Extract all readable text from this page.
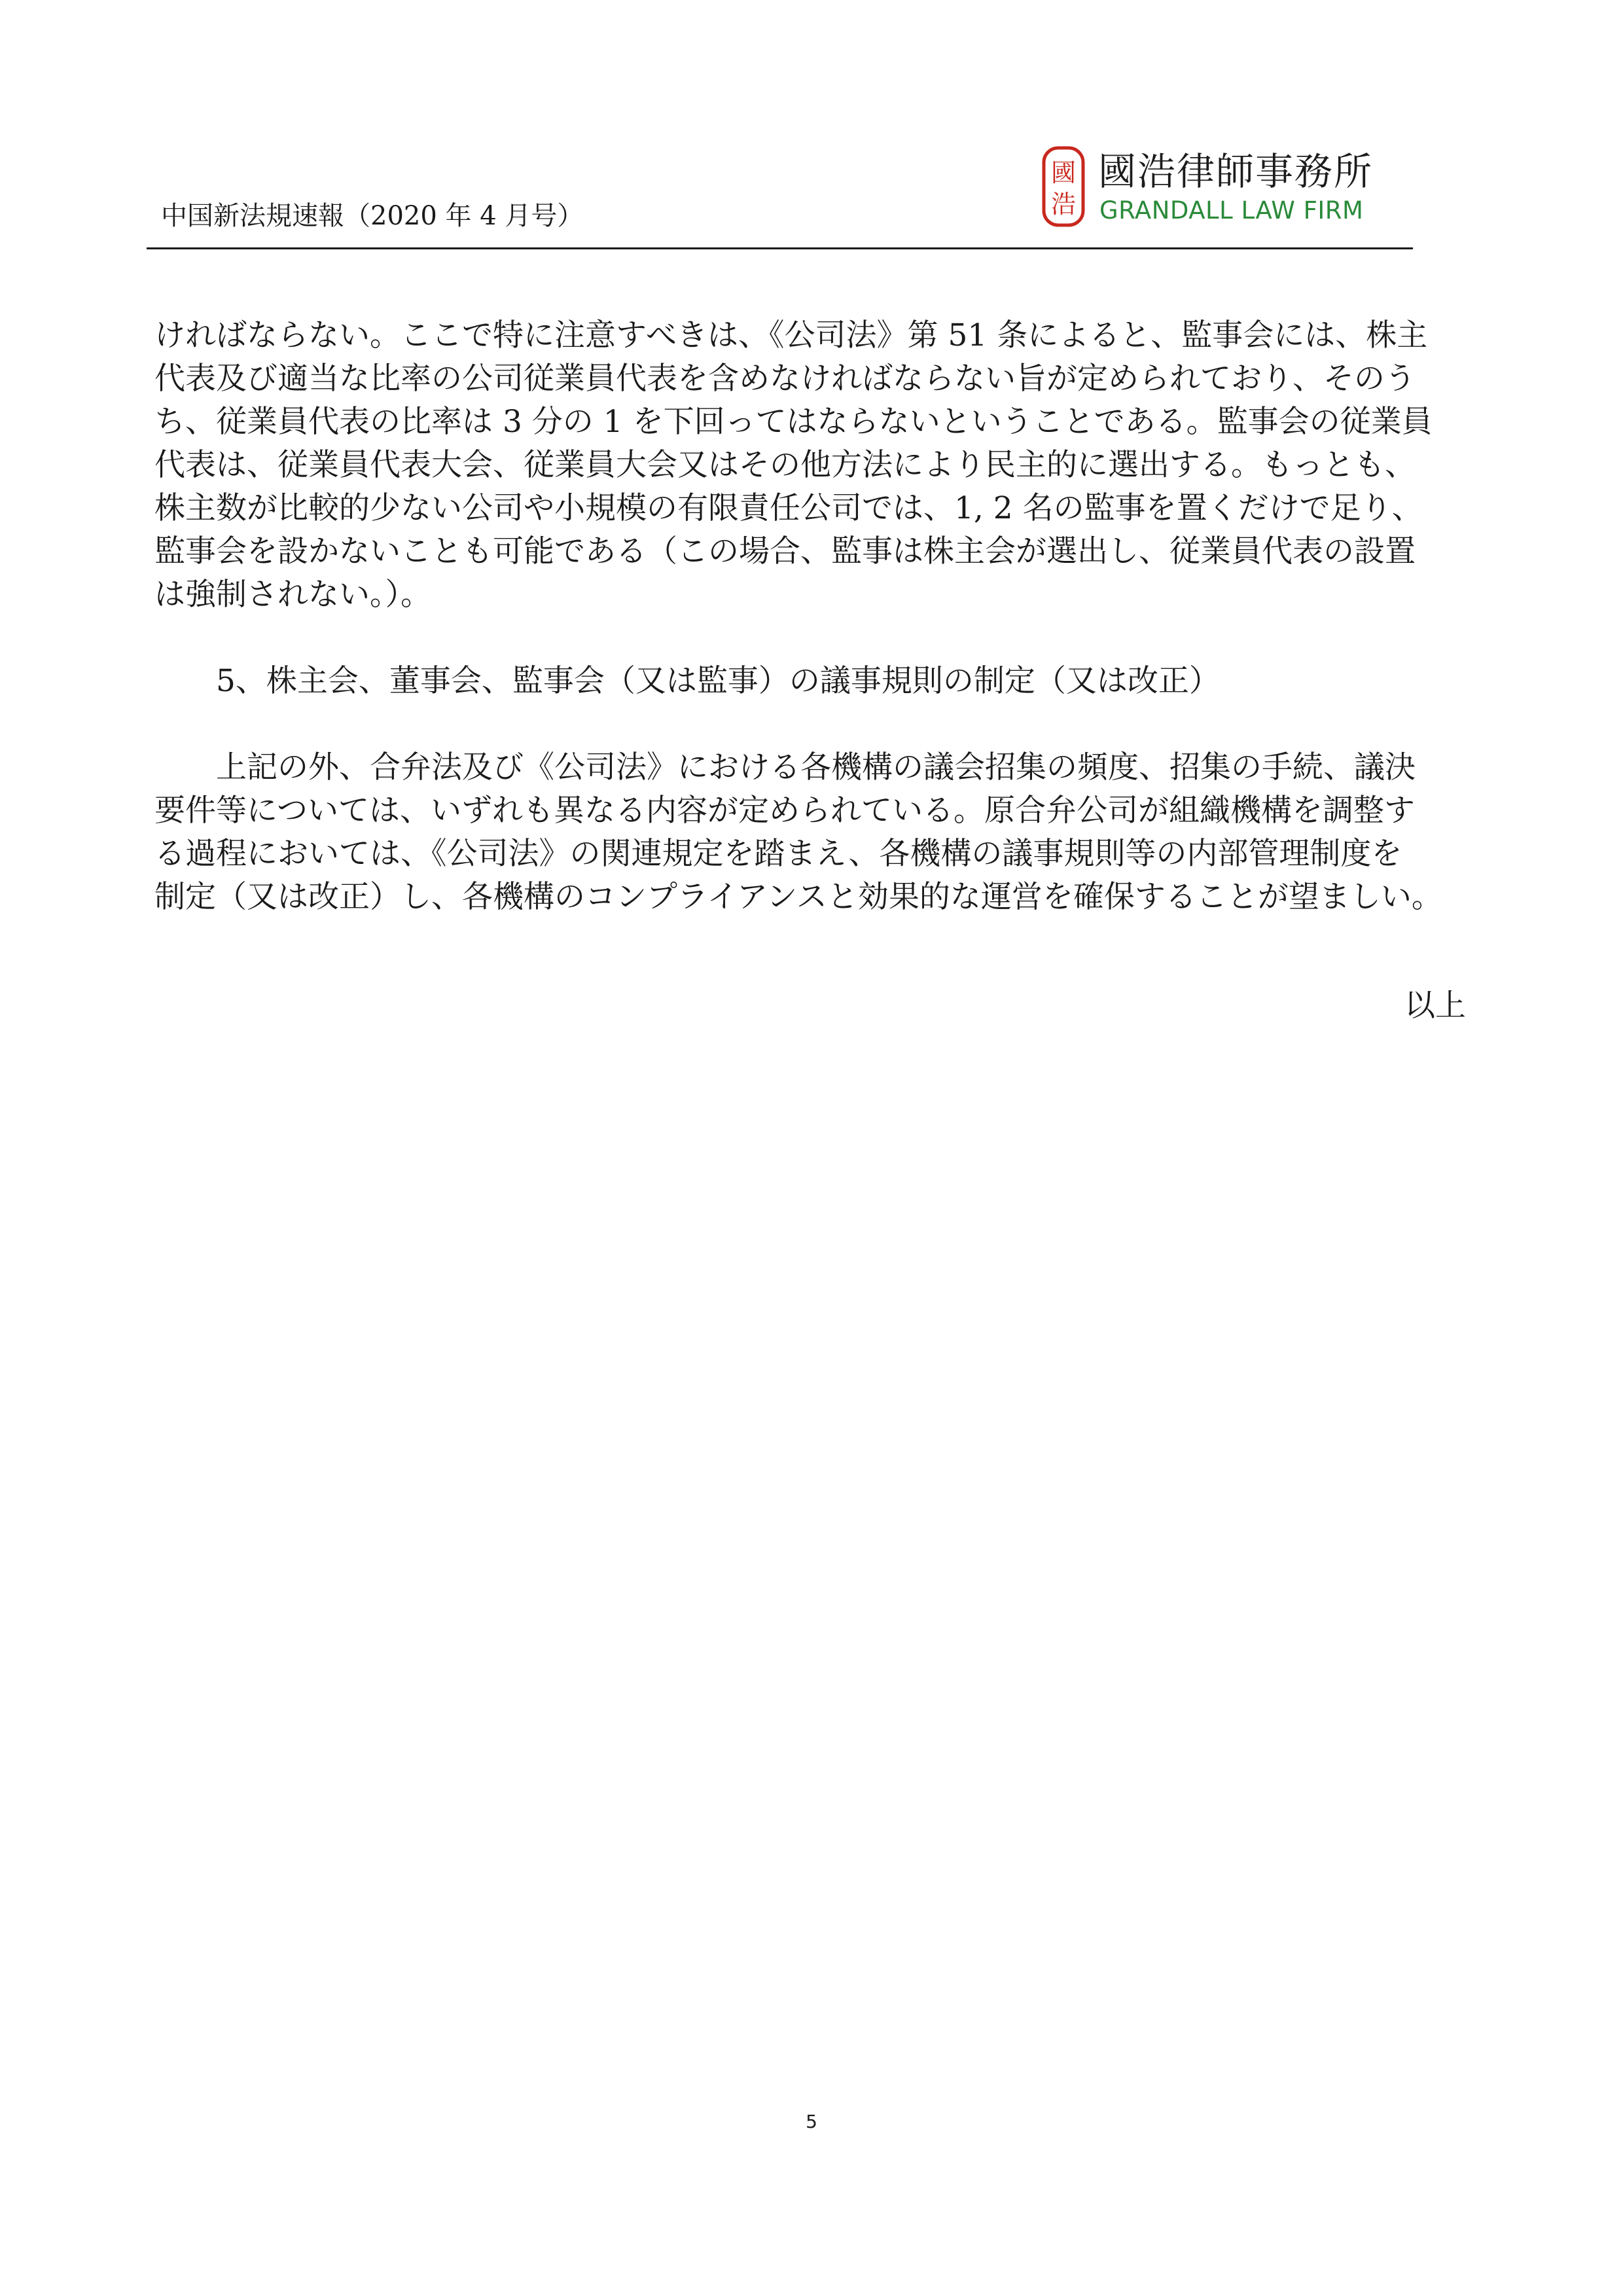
中国新法規速報（2020 年 4 月号）
國
浩
國浩律師事務所
GRANDALL LAW FIRM
ければならない。ここで特に注意すべきは、《公司法》第 51 条によると、監事会には、株主
代表及び適当な比率の公司従業員代表を含めなければならない旨が定められており、そのう
ち、従業員代表の比率は 3 分の 1 を下回ってはならないということである。監事会の従業員
代表は、従業員代表大会、従業員大会又はその他方法により民主的に選出する。もっとも、
株主数が比較的少ない公司や小規模の有限責任公司では、1, 2 名の監事を置くだけで足り、
監事会を設かないことも可能である（この場合、監事は株主会が選出し、従業員代表の設置
は強制されない。）。
5、株主会、董事会、監事会（又は監事）の議事規則の制定（又は改正）
上記の外、合弁法及び《公司法》における各機構の議会招集の頻度、招集の手続、議決
要件等については、いずれも異なる内容が定められている。原合弁公司が組織機構を調整す
る過程においては、《公司法》の関連規定を踏まえ、各機構の議事規則等の内部管理制度を
制定（又は改正）し、各機構のコンプライアンスと効果的な運営を確保することが望ましい。
以上
5
